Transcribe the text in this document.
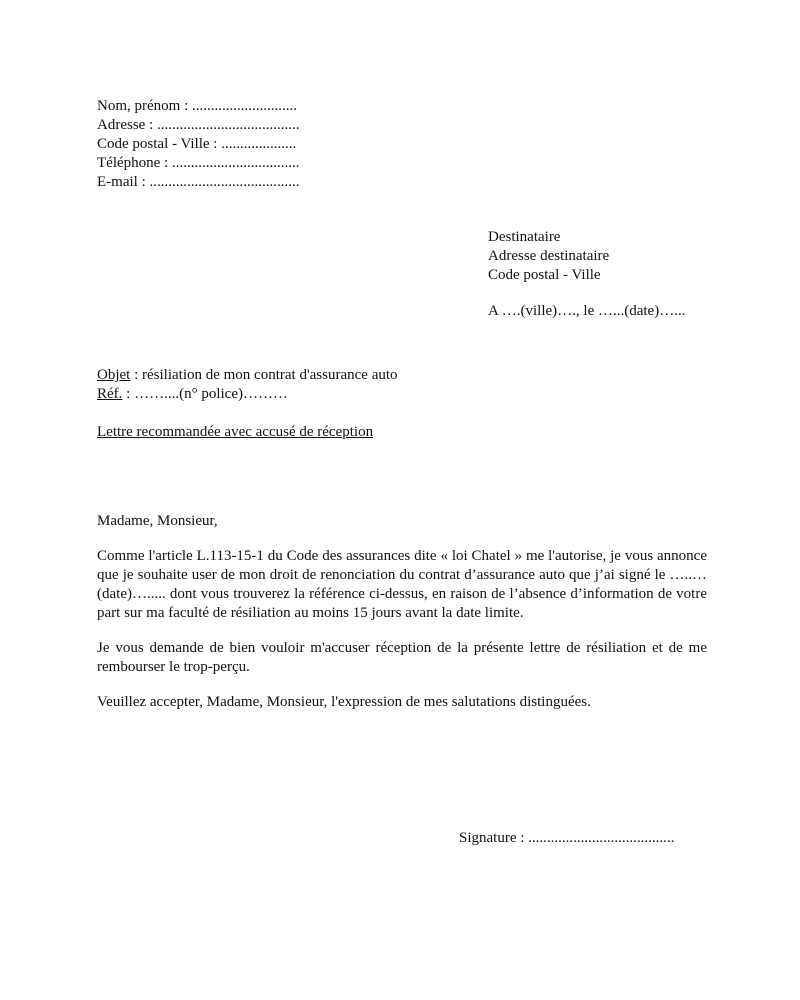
Nom, prénom : ............................
Adresse : ......................................
Code postal - Ville : ....................
Téléphone : ..................................
E-mail : ........................................
Destinataire
Adresse destinataire
Code postal - Ville
A ….(ville)…., le …...(date)…...
Objet : résiliation de mon contrat d'assurance auto
Réf. : ……....(n° police)………
Lettre recommandée avec accusé de réception

Madame, Monsieur,

Comme l'article L.113-15-1 du Code des assurances dite « loi Chatel » me l'autorise, je vous annonce que je souhaite user de mon droit de renonciation du contrat d’assurance auto que j’ai signé le …..…(date)…..... dont vous trouverez la référence ci-dessus, en raison de l’absence d’information de votre part sur ma faculté de résiliation au moins 15 jours avant la date limite.

Je vous demande de bien vouloir m'accuser réception de la présente lettre de résiliation et de me rembourser le trop-perçu.

Veuillez accepter, Madame, Monsieur, l'expression de mes salutations distinguées.

Signature : .......................................
